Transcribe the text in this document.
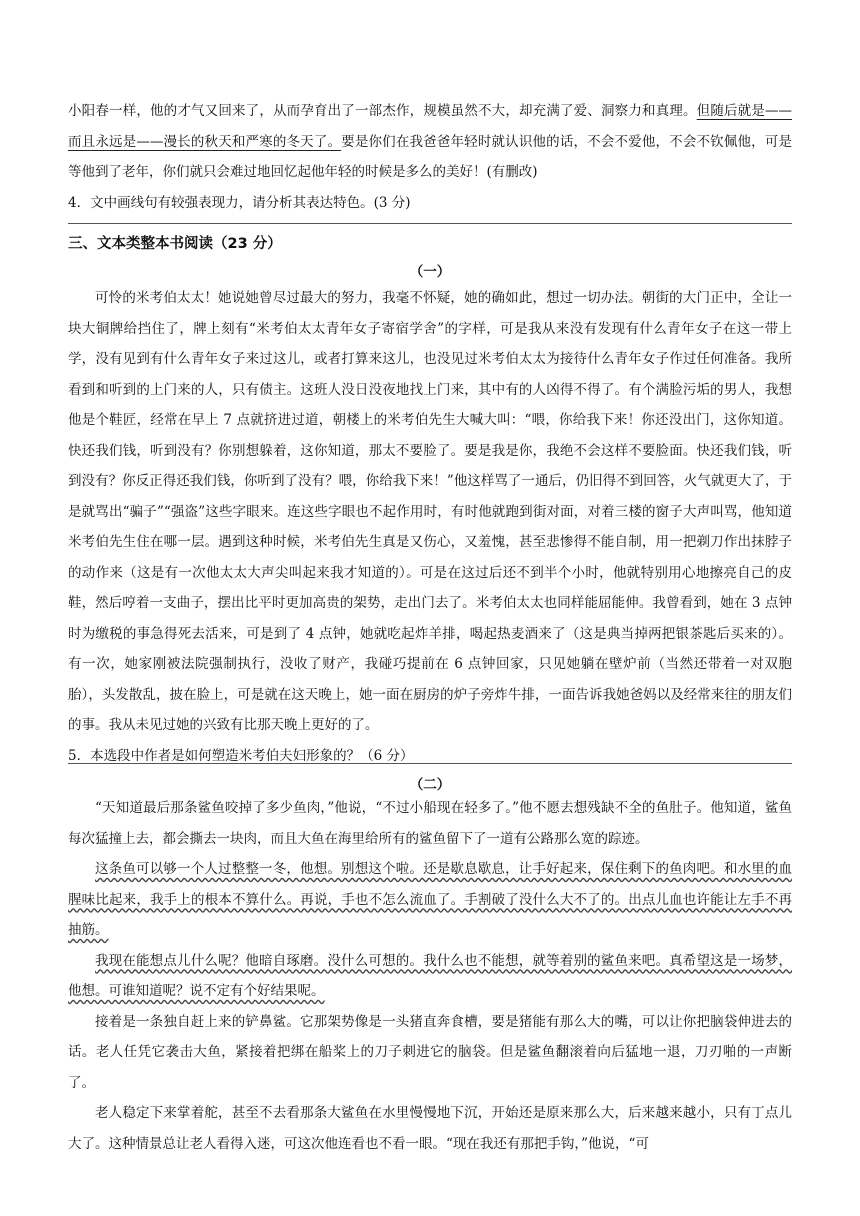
小阳春一样，他的才气又回来了，从而孕育出了一部杰作，规模虽然不大，却充满了爱、洞察力和真理。但随后就是——而且永远是——漫长的秋天和严寒的冬天了。要是你们在我爸爸年轻时就认识他的话，不会不爱他，不会不钦佩他，可是等他到了老年，你们就只会难过地回忆起他年轻的时候是多么的美好！(有删改)

4．文中画线句有较强表现力，请分析其表达特色。(3 分)

三、文本类整本书阅读（23 分）
（一）

可怜的米考伯太太！她说她曾尽过最大的努力，我毫不怀疑，她的确如此，想过一切办法。朝街的大门正中，全让一块大铜牌给挡住了，牌上刻有“米考伯太太青年女子寄宿学舍”的字样，可是我从来没有发现有什么青年女子在这一带上学，没有见到有什么青年女子来过这儿，或者打算来这儿，也没见过米考伯太太为接待什么青年女子作过任何准备。我所看到和听到的上门来的人，只有债主。这班人没日没夜地找上门来，其中有的人凶得不得了。有个满脸污垢的男人，我想他是个鞋匠，经常在早上 7 点就挤进过道，朝楼上的米考伯先生大喊大叫：“喂，你给我下来！你还没出门，这你知道。快还我们钱，听到没有？你别想躲着，这你知道，那太不要脸了。要是我是你，我绝不会这样不要脸面。快还我们钱，听到没有？你反正得还我们钱，你听到了没有？喂，你给我下来！”他这样骂了一通后，仍旧得不到回答，火气就更大了，于是就骂出“骗子”“强盗”这些字眼来。连这些字眼也不起作用时，有时他就跑到街对面，对着三楼的窗子大声叫骂，他知道米考伯先生住在哪一层。遇到这种时候，米考伯先生真是又伤心，又羞愧，甚至悲惨得不能自制，用一把剃刀作出抹脖子的动作来（这是有一次他太太大声尖叫起来我才知道的）。可是在这过后还不到半个小时，他就特别用心地擦亮自己的皮鞋，然后哼着一支曲子，摆出比平时更加高贵的架势，走出门去了。米考伯太太也同样能屈能伸。我曾看到，她在 3 点钟时为缴税的事急得死去活来，可是到了 4 点钟，她就吃起炸羊排，喝起热麦酒来了（这是典当掉两把银茶匙后买来的）。有一次，她家刚被法院强制执行，没收了财产，我碰巧提前在 6 点钟回家，只见她躺在壁炉前（当然还带着一对双胞胎），头发散乱，披在脸上，可是就在这天晚上，她一面在厨房的炉子旁炸牛排，一面告诉我她爸妈以及经常来往的朋友们的事。我从未见过她的兴致有比那天晚上更好的了。

5．本选段中作者是如何塑造米考伯夫妇形象的？（6 分）

（二）

“天知道最后那条鲨鱼咬掉了多少鱼肉，”他说，“不过小船现在轻多了。”他不愿去想残缺不全的鱼肚子。他知道，鲨鱼每次猛撞上去，都会撕去一块肉，而且大鱼在海里给所有的鲨鱼留下了一道有公路那么宽的踪迹。

这条鱼可以够一个人过整整一冬，他想。别想这个啦。还是歇息歇息，让手好起来，保住剩下的鱼肉吧。和水里的血腥味比起来，我手上的根本不算什么。再说，手也不怎么流血了。手割破了没什么大不了的。出点儿血也许能让左手不再抽筋。

我现在能想点儿什么呢？他暗自琢磨。没什么可想的。我什么也不能想，就等着别的鲨鱼来吧。真希望这是一场梦，他想。可谁知道呢？说不定有个好结果呢。

接着是一条独自赶上来的铲鼻鲨。它那架势像是一头猪直奔食槽，要是猪能有那么大的嘴，可以让你把脑袋伸进去的话。老人任凭它袭击大鱼，紧接着把绑在船桨上的刀子刺进它的脑袋。但是鲨鱼翻滚着向后猛地一退，刀刃啪的一声断了。

老人稳定下来掌着舵，甚至不去看那条大鲨鱼在水里慢慢地下沉，开始还是原来那么大，后来越来越小，只有丁点儿大了。这种情景总让老人看得入迷，可这次他连看也不看一眼。“现在我还有那把手钩，”他说，“可
